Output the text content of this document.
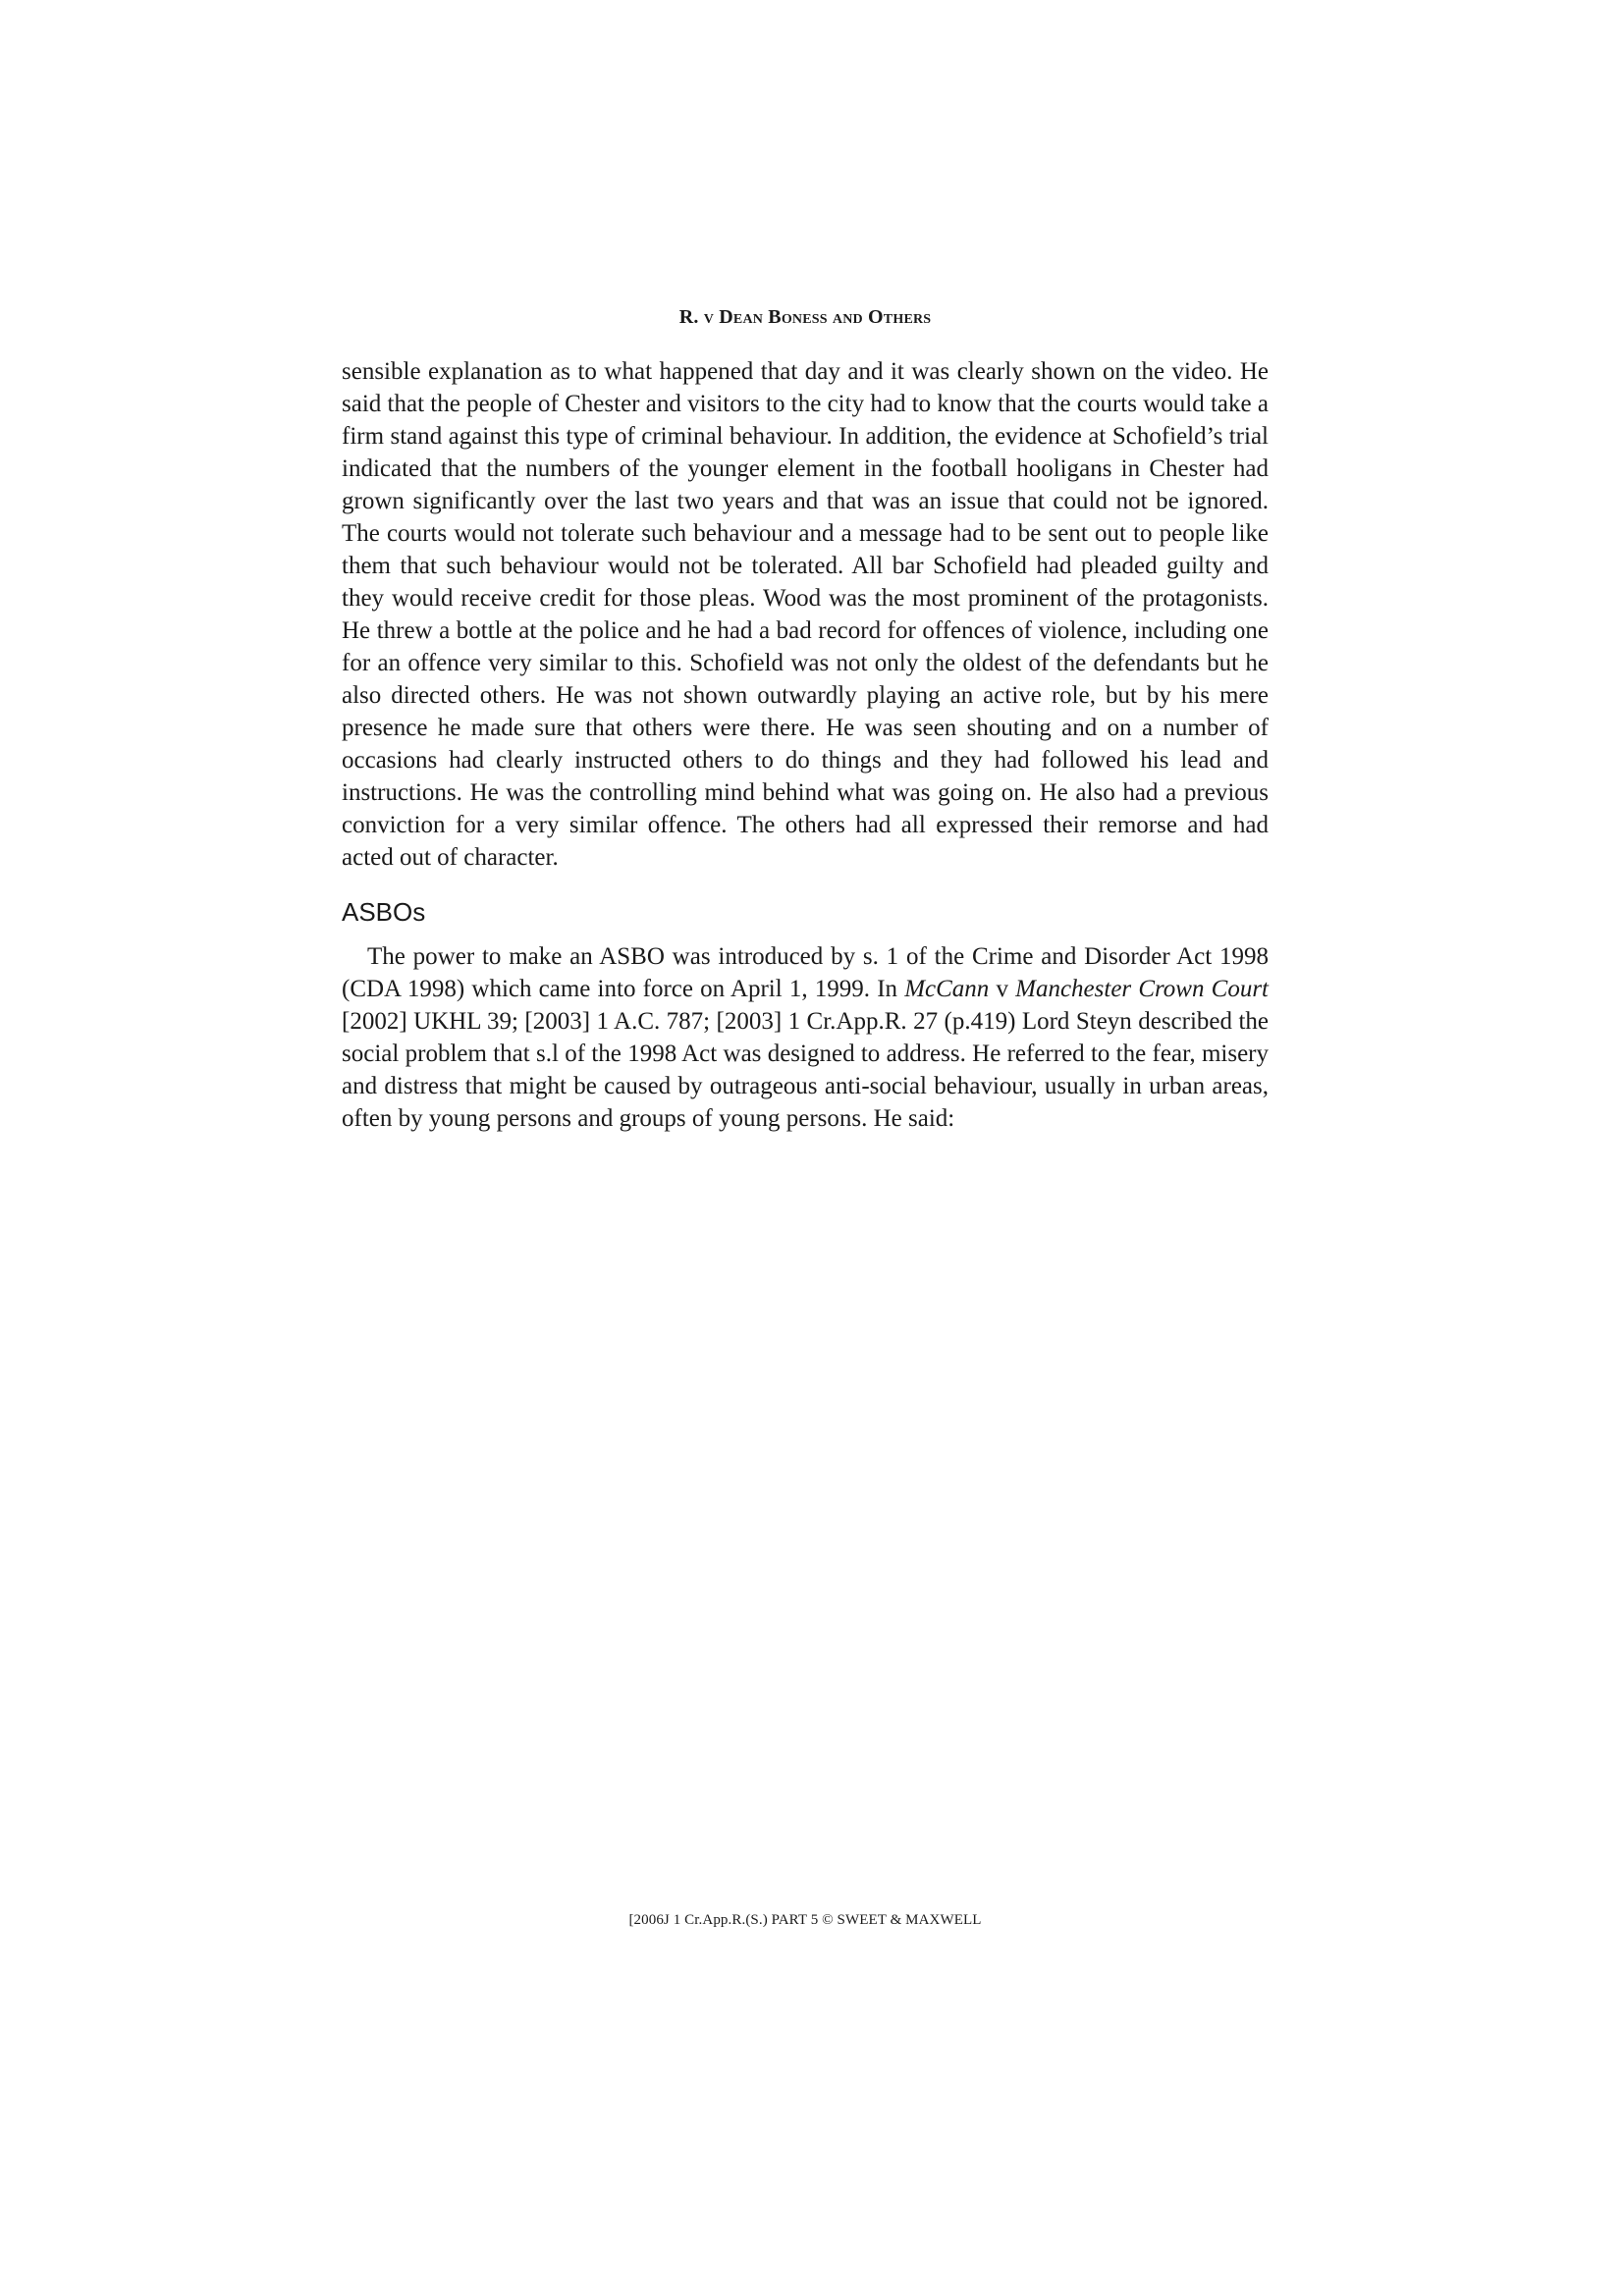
R. v Dean Boness and Others

sensible explanation as to what happened that day and it was clearly shown on the video. He said that the people of Chester and visitors to the city had to know that the courts would take a firm stand against this type of criminal behaviour. In addition, the evidence at Schofield’s trial indicated that the numbers of the younger element in the football hooligans in Chester had grown significantly over the last two years and that was an issue that could not be ignored. The courts would not tolerate such behaviour and a message had to be sent out to people like them that such behaviour would not be tolerated. All bar Schofield had pleaded guilty and they would receive credit for those pleas. Wood was the most prominent of the protagonists. He threw a bottle at the police and he had a bad record for offences of violence, including one for an offence very similar to this. Schofield was not only the oldest of the defendants but he also directed others. He was not shown outwardly playing an active role, but by his mere presence he made sure that others were there. He was seen shouting and on a number of occasions had clearly instructed others to do things and they had followed his lead and instructions. He was the controlling mind behind what was going on. He also had a previous conviction for a very similar offence. The others had all expressed their remorse and had acted out of character.

ASBOs

The power to make an ASBO was introduced by s. 1 of the Crime and Disorder Act 1998 (CDA 1998) which came into force on April 1, 1999. In McCann v Manchester Crown Court [2002] UKHL 39; [2003] 1 A.C. 787; [2003] 1 Cr.App.R. 27 (p.419) Lord Steyn described the social problem that s.l of the 1998 Act was designed to address. He referred to the fear, misery and distress that might be caused by outrageous anti-social behaviour, usually in urban areas, often by young persons and groups of young persons. He said:

[2006J 1 Cr.App.R.(S.) PART 5 © SWEET & MAXWELL
